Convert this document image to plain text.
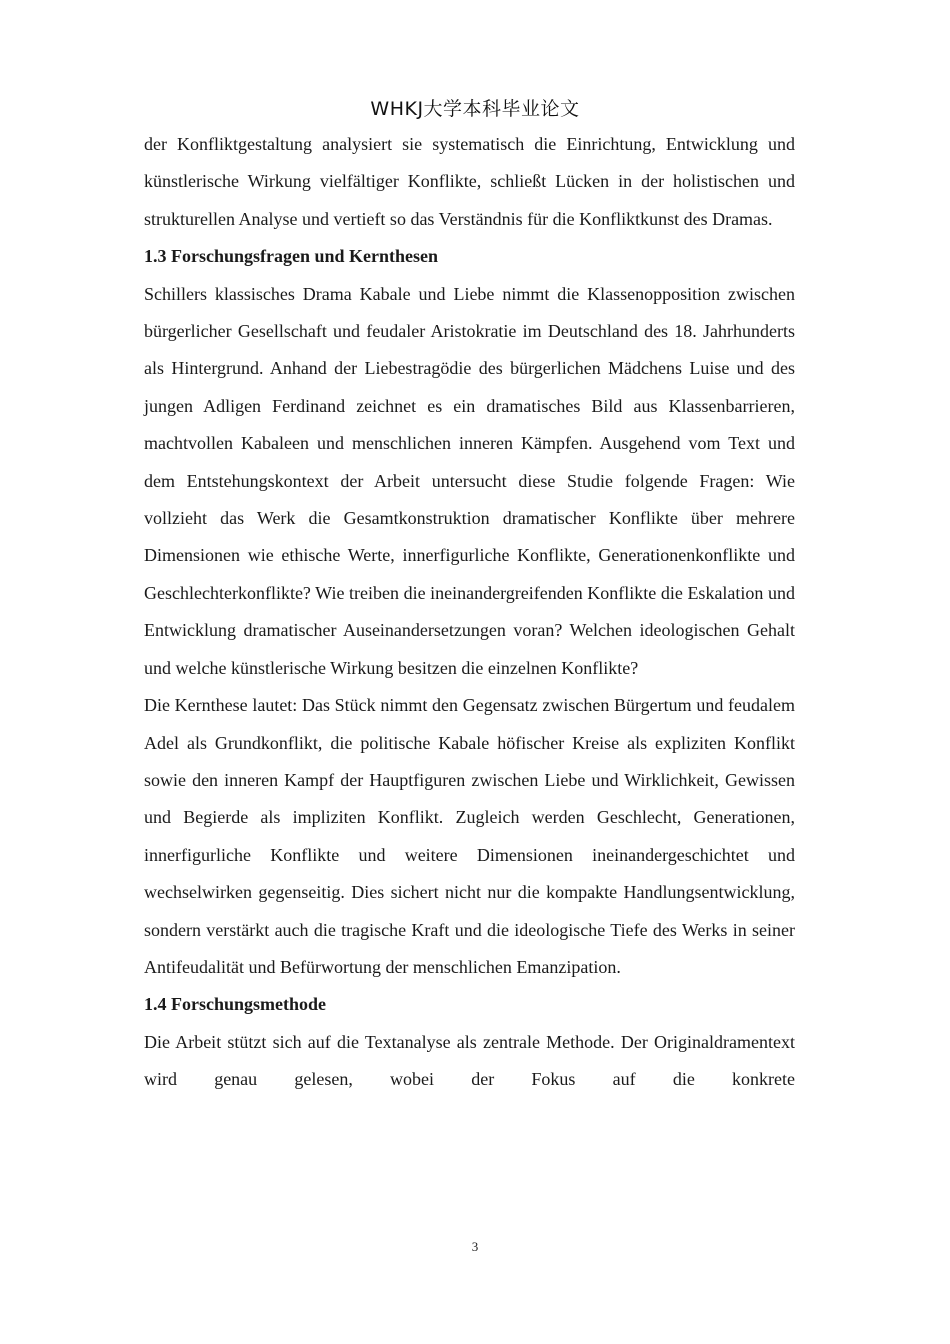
WHKJ大学本科毕业论文

der Konfliktgestaltung analysiert sie systematisch die Einrichtung, Entwicklung und künstlerische Wirkung vielfältiger Konflikte, schließt Lücken in der holistischen und strukturellen Analyse und vertieft so das Verständnis für die Konfliktkunst des Dramas.

1.3 Forschungsfragen und Kernthesen

Schillers klassisches Drama Kabale und Liebe nimmt die Klassenopposition zwischen bürgerlicher Gesellschaft und feudaler Aristokratie im Deutschland des 18. Jahrhunderts als Hintergrund. Anhand der Liebestragödie des bürgerlichen Mädchens Luise und des jungen Adligen Ferdinand zeichnet es ein dramatisches Bild aus Klassenbarrieren, machtvollen Kabaleen und menschlichen inneren Kämpfen. Ausgehend vom Text und dem Entstehungskontext der Arbeit untersucht diese Studie folgende Fragen: Wie vollzieht das Werk die Gesamtkonstruktion dramatischer Konflikte über mehrere Dimensionen wie ethische Werte, innerfigurliche Konflikte, Generationenkonflikte und Geschlechterkonflikte? Wie treiben die ineinandergreifenden Konflikte die Eskalation und Entwicklung dramatischer Auseinandersetzungen voran? Welchen ideologischen Gehalt und welche künstlerische Wirkung besitzen die einzelnen Konflikte?

Die Kernthese lautet: Das Stück nimmt den Gegensatz zwischen Bürgertum und feudalem Adel als Grundkonflikt, die politische Kabale höfischer Kreise als expliziten Konflikt sowie den inneren Kampf der Hauptfiguren zwischen Liebe und Wirklichkeit, Gewissen und Begierde als impliziten Konflikt. Zugleich werden Geschlecht, Generationen, innerfigurliche Konflikte und weitere Dimensionen ineinandergeschichtet und wechselwirken gegenseitig. Dies sichert nicht nur die kompakte Handlungsentwicklung, sondern verstärkt auch die tragische Kraft und die ideologische Tiefe des Werks in seiner Antifeudalität und Befürwortung der menschlichen Emanzipation.

1.4 Forschungsmethode

Die Arbeit stützt sich auf die Textanalyse als zentrale Methode. Der Originaldramentext wird genau gelesen, wobei der Fokus auf die konkrete

3
